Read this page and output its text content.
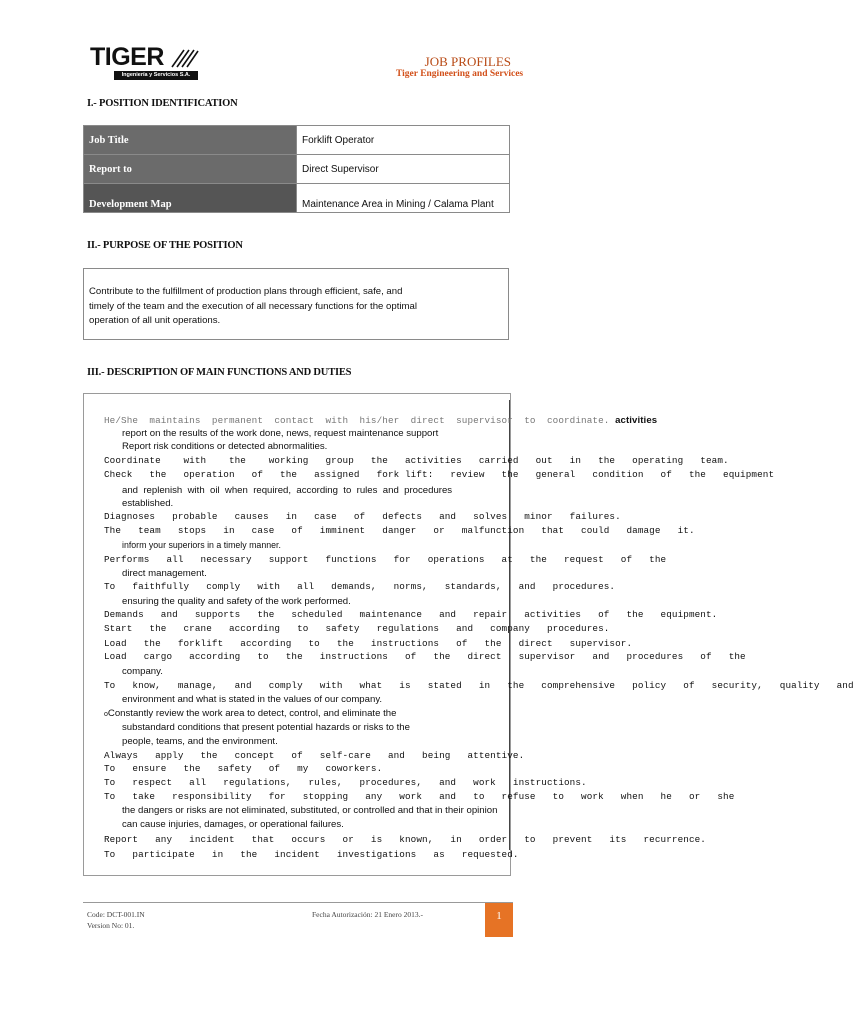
TIGER
Ingeniería y Servicios S.A.
JOB PROFILES
Tiger Engineering and Services
I.- POSITION IDENTIFICATION
Job Title	Forklift Operator
Report to	Direct Supervisor
Development Map	Maintenance Area in Mining / Calama Plant
II.- PURPOSE OF THE POSITION

Contribute to the fulfillment of production plans through efficient, safe, and
timely of the team and the execution of all necessary functions for the optimal
operation of all unit operations.

III.- DESCRIPTION OF MAIN FUNCTIONS AND DUTIES
He/She  maintains  permanent  contact  with  his/her  direct  supervisor  to  coordinate. activities
report on the results of the work done, news, request maintenance support
Report risk conditions or detected abnormalities.
Coordinate    with    the    working   group   the   activities   carried   out   in   the   operating   team.
Check   the   operation   of   the   assigned   fork lift:   review   the   general   condition   of   the   equipment
and  replenish  with  oil  when  required,  according  to  rules  and  procedures
established.
Diagnoses   probable   causes   in   case   of   defects   and   solves   minor   failures.
The   team   stops   in   case   of   imminent   danger   or   malfunction   that   could   damage   it.
inform your superiors in a timely manner.
Performs   all   necessary   support   functions   for   operations   at   the   request   of   the
direct management.
To   faithfully   comply   with   all   demands,   norms,   standards,   and   procedures.
ensuring the quality and safety of the work performed.
Demands   and   supports   the   scheduled   maintenance   and   repair   activities   of   the   equipment.
Start   the   crane   according   to   safety   regulations   and   company   procedures.
Load   the   forklift   according   to   the   instructions   of   the   direct   supervisor.
Load   cargo   according   to   the   instructions   of   the   direct   supervisor   and   procedures   of   the
company.
To   know,   manage,   and   comply   with   what   is   stated   in   the   comprehensive   policy   of   security,   quality   and
environment and what is stated in the values of our company.
oConstantly review the work area to detect, control, and eliminate the
substandard conditions that present potential hazards or risks to the
people, teams, and the environment.
Always   apply   the   concept   of   self-care   and   being   attentive.
To   ensure   the   safety   of   my   coworkers.
To   respect   all   regulations,   rules,   procedures,   and   work   instructions.
To   take   responsibility   for   stopping   any   work   and   to   refuse   to   work   when   he   or   she
the dangers or risks are not eliminated, substituted, or controlled and that in their opinion
can cause injuries, damages, or operational failures.
Report   any   incident   that   occurs   or   is   known,   in   order   to   prevent   its   recurrence.
To   participate   in   the   incident   investigations   as   requested.
Code: DCT-001.IN
Version No: 01.
Fecha Autorización: 21 Enero 2013.-	1
